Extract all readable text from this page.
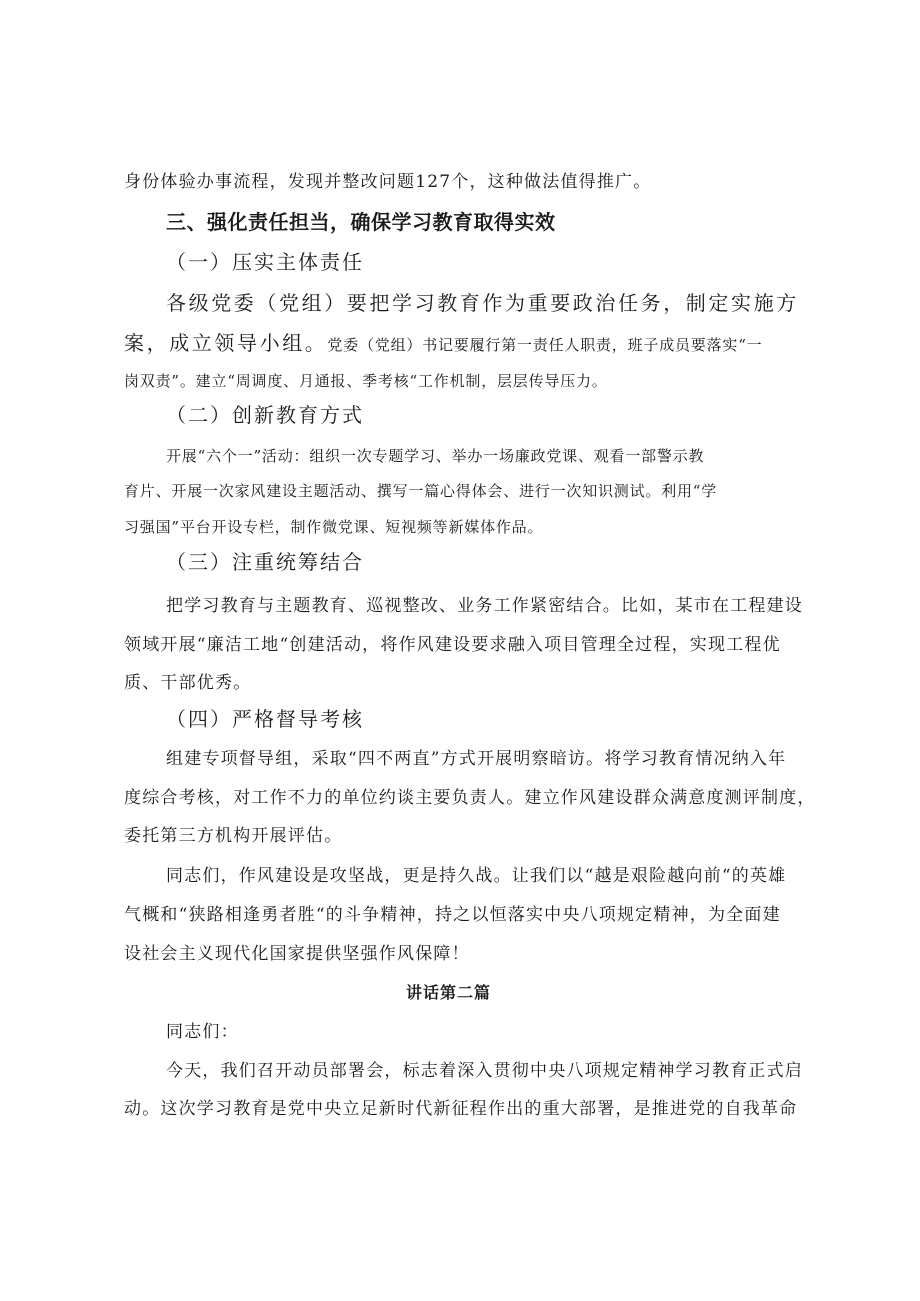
身份体验办事流程，发现并整改问题127个，这种做法值得推广。
三、强化责任担当，确保学习教育取得实效
（一）压实主体责任
各级党委（党组）要把学习教育作为重要政治任务，制定实施方
案，成立领导小组。党委（党组）书记要履行第一责任人职责，班子成员要落实“一
岗双责”。建立“周调度、月通报、季考核“工作机制，层层传导压力。
（二）创新教育方式
开展“六个一”活动：组织一次专题学习、举办一场廉政党课、观看一部警示教
育片、开展一次家风建设主题活动、撰写一篇心得体会、进行一次知识测试。利用“学
习强国”平台开设专栏，制作微党课、短视频等新媒体作品。
（三）注重统筹结合
把学习教育与主题教育、巡视整改、业务工作紧密结合。比如，某市在工程建设
领域开展“廉洁工地“创建活动，将作风建设要求融入项目管理全过程，实现工程优
质、干部优秀。
（四）严格督导考核
组建专项督导组，采取“四不两直”方式开展明察暗访。将学习教育情况纳入年
度综合考核，对工作不力的单位约谈主要负责人。建立作风建设群众满意度测评制度，
委托第三方机构开展评估。
同志们，作风建设是攻坚战，更是持久战。让我们以“越是艰险越向前“的英雄
气概和“狭路相逢勇者胜“的斗争精神，持之以恒落实中央八项规定精神，为全面建
设社会主义现代化国家提供坚强作风保障！
讲话第二篇
同志们：
今天，我们召开动员部署会，标志着深入贯彻中央八项规定精神学习教育正式启
动。这次学习教育是党中央立足新时代新征程作出的重大部署，是推进党的自我革命
